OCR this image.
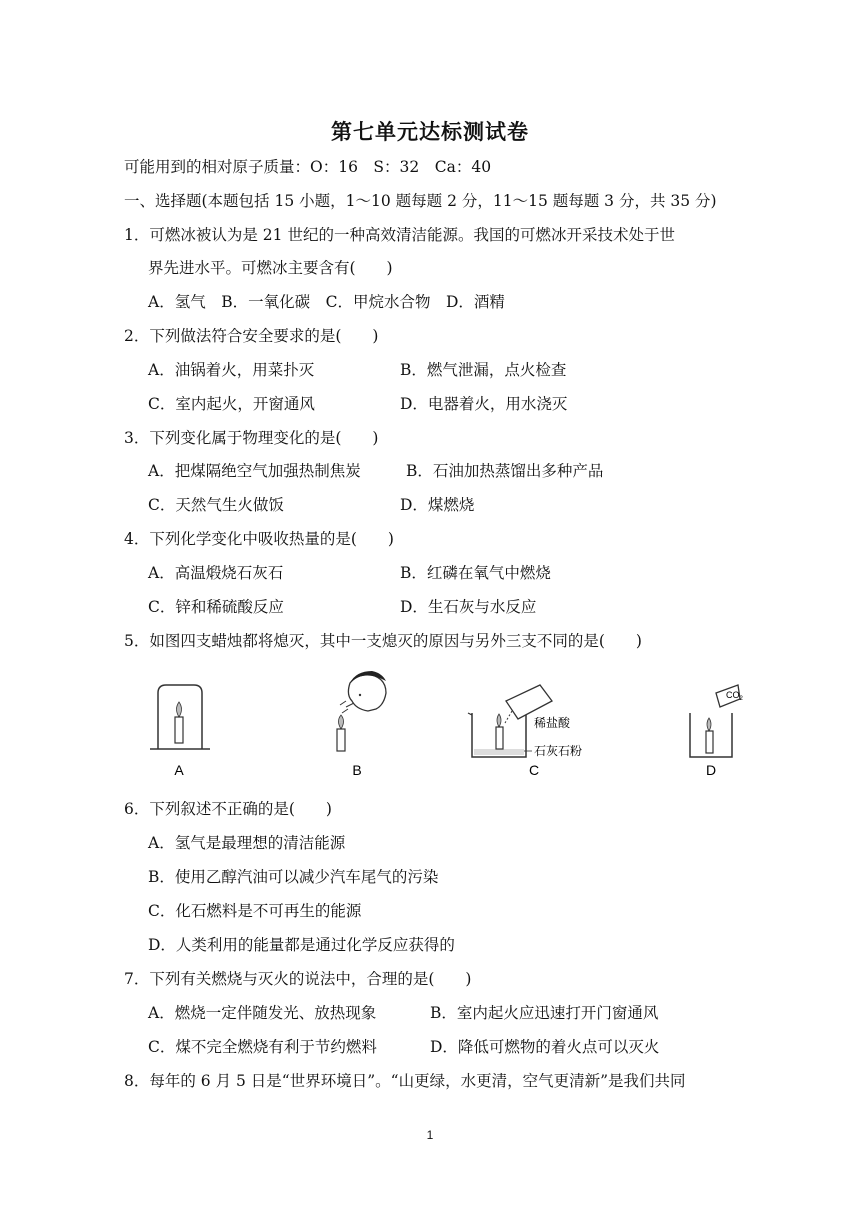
第七单元达标测试卷
可能用到的相对原子质量：O：16　S：32　Ca：40
一、选择题(本题包括 15 小题，1～10 题每题 2 分，11～15 题每题 3 分，共 35 分)
1．可燃冰被认为是 21 世纪的一种高效清洁能源。我国的可燃冰开采技术处于世
界先进水平。可燃冰主要含有(　　)
A．氢气　B．一氧化碳　C．甲烷水合物　D．酒精
2．下列做法符合安全要求的是(　　)
A．油锅着火，用菜扑灭	B．燃气泄漏，点火检查
C．室内起火，开窗通风	D．电器着火，用水浇灭
3．下列变化属于物理变化的是(　　)
A．把煤隔绝空气加强热制焦炭	B．石油加热蒸馏出多种产品
C．天然气生火做饭	D．煤燃烧
4．下列化学变化中吸收热量的是(　　)
A．高温煅烧石灰石	B．红磷在氧气中燃烧
C．锌和稀硫酸反应	D．生石灰与水反应
5．如图四支蜡烛都将熄灭，其中一支熄灭的原因与另外三支不同的是(　　)
A	B
稀盐酸
石灰石粉
C
$CO_2$
D
6．下列叙述不正确的是(　　)
A．氢气是最理想的清洁能源
B．使用乙醇汽油可以减少汽车尾气的污染
C．化石燃料是不可再生的能源
D．人类利用的能量都是通过化学反应获得的
7．下列有关燃烧与灭火的说法中，合理的是(　　)
A．燃烧一定伴随发光、放热现象	B．室内起火应迅速打开门窗通风
C．煤不完全燃烧有利于节约燃料	D．降低可燃物的着火点可以灭火
8．每年的 6 月 5 日是“世界环境日”。“山更绿，水更清，空气更清新”是我们共同
1
